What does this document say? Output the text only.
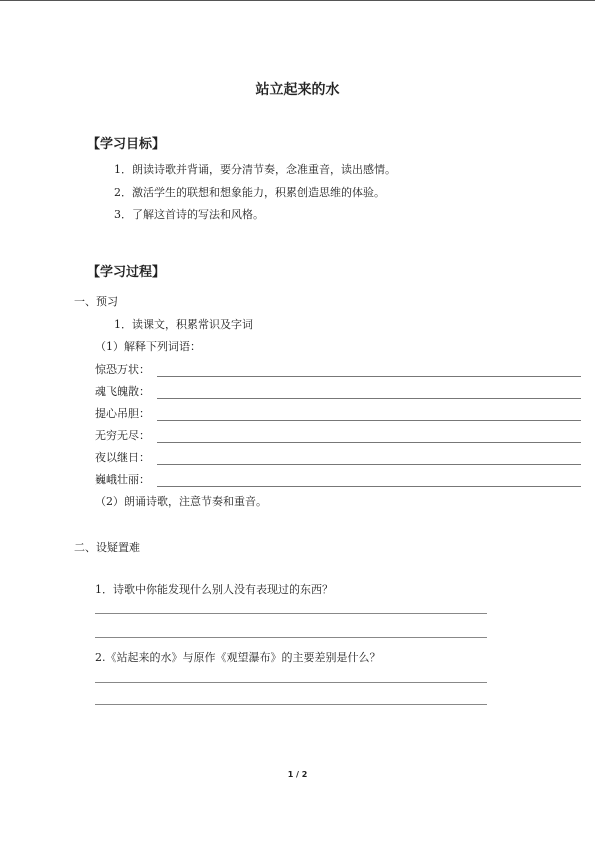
站立起来的水
【学习目标】
1．朗读诗歌并背诵，要分清节奏，念准重音，读出感情。
2．激活学生的联想和想象能力，积累创造思维的体验。
3．了解这首诗的写法和风格。
【学习过程】
一、预习
1．读课文，积累常识及字词
（1）解释下列词语：
惊恐万状：
魂飞魄散：
提心吊胆：
无穷无尽：
夜以继日：
巍峨壮丽：
（2）朗诵诗歌，注意节奏和重音。
二、设疑置难
1．诗歌中你能发现什么别人没有表现过的东西？
2.《站起来的水》与原作《观望瀑布》的主要差别是什么？
1 / 2
